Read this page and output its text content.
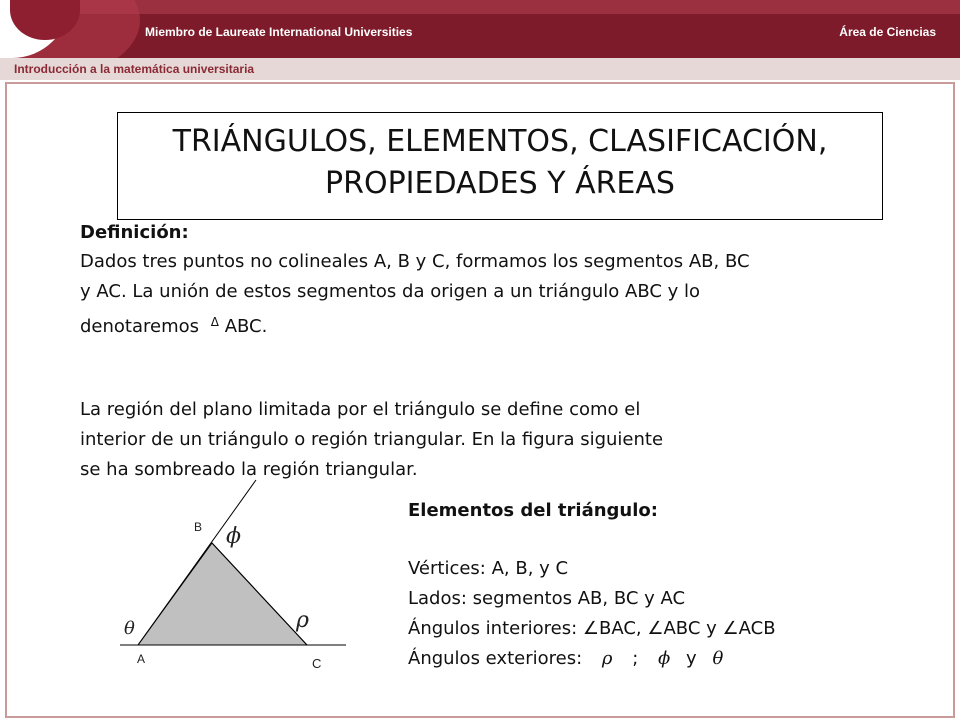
Miembro de Laureate International Universities	Área de Ciencias
Introducción a la matemática universitaria
TRIÁNGULOS, ELEMENTOS, CLASIFICACIÓN, PROPIEDADES Y ÁREAS
Definición:
Dados tres puntos no colineales A, B y C, formamos los segmentos AB, BC
y AC. La unión de estos segmentos da origen a un triángulo ABC y lo
denotaremos $^\Delta$ ABC.
La región del plano limitada por el triángulo se define como el
interior de un triángulo o región triangular. En la figura siguiente
se ha sombreado la región triangular.
B
A	C
ϕ
ρ
θ
Elementos del triángulo:
Vértices: A, B, y C
Lados: segmentos AB, BC y AC
Ángulos interiores: ∠BAC, ∠ABC y ∠ACB
Ángulos exteriores: ρ ; ϕ y θ
